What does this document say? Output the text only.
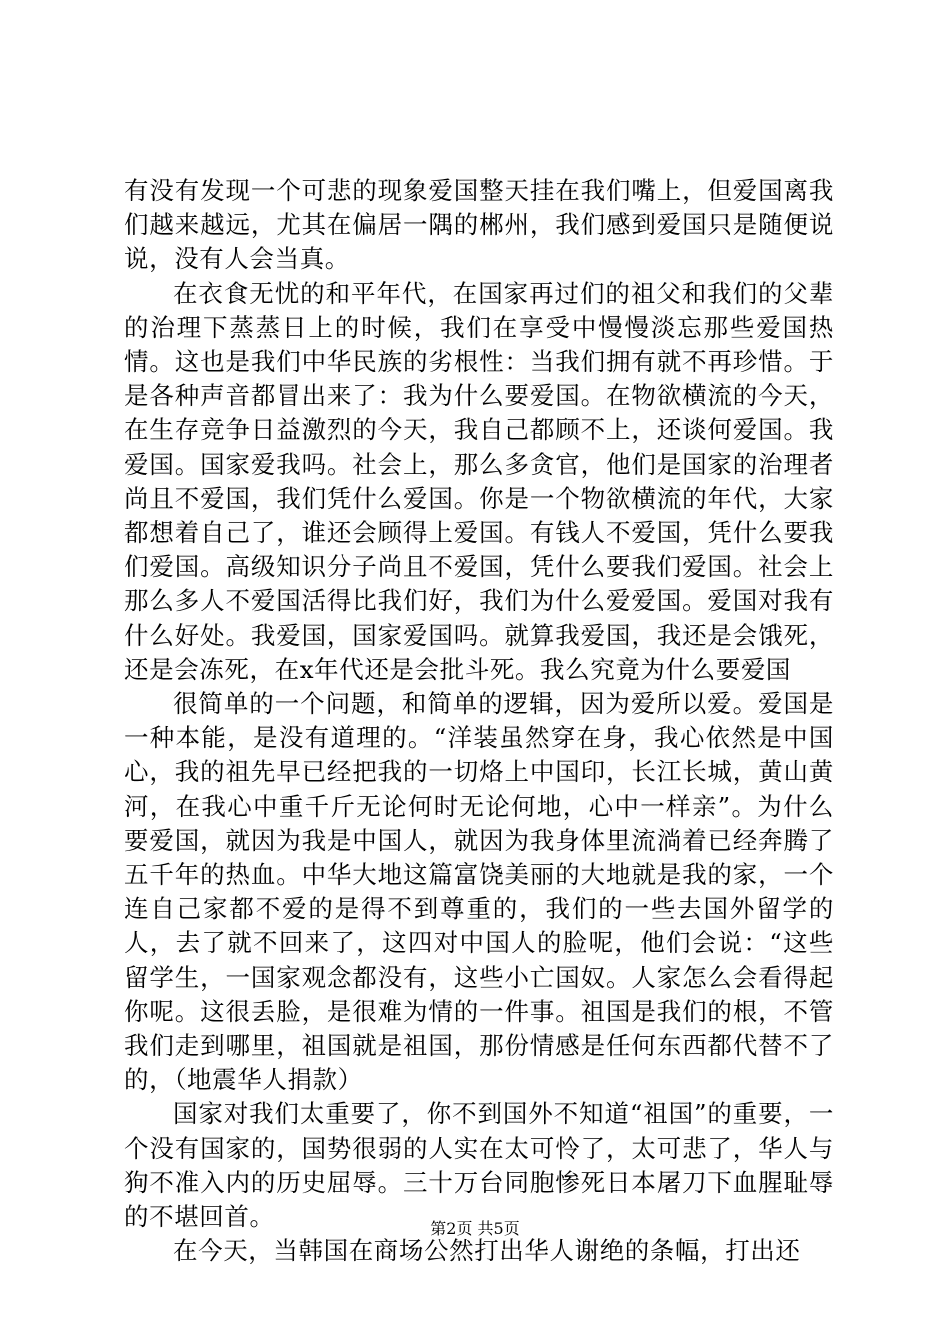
有没有发现一个可悲的现象爱国整天挂在我们嘴上，但爱国离我们越来越远，尤其在偏居一隅的郴州，我们感到爱国只是随便说说，没有人会当真。

在衣食无忧的和平年代，在国家再过们的祖父和我们的父辈的治理下蒸蒸日上的时候，我们在享受中慢慢淡忘那些爱国热情。这也是我们中华民族的劣根性：当我们拥有就不再珍惜。于是各种声音都冒出来了：我为什么要爱国。在物欲横流的今天，在生存竞争日益激烈的今天，我自己都顾不上，还谈何爱国。我爱国。国家爱我吗。社会上，那么多贪官，他们是国家的治理者尚且不爱国，我们凭什么爱国。你是一个物欲横流的年代，大家都想着自己了，谁还会顾得上爱国。有钱人不爱国，凭什么要我们爱国。高级知识分子尚且不爱国，凭什么要我们爱国。社会上那么多人不爱国活得比我们好，我们为什么爱爱国。爱国对我有什么好处。我爱国，国家爱国吗。就算我爱国，我还是会饿死，还是会冻死，在x年代还是会批斗死。我么究竟为什么要爱国

很简单的一个问题，和简单的逻辑，因为爱所以爱。爱国是一种本能，是没有道理的。“洋装虽然穿在身，我心依然是中国心，我的祖先早已经把我的一切烙上中国印，长江长城，黄山黄河，在我心中重千斤无论何时无论何地，心中一样亲”。为什么要爱国，就因为我是中国人，就因为我身体里流淌着已经奔腾了五千年的热血。中华大地这篇富饶美丽的大地就是我的家，一个连自己家都不爱的是得不到尊重的，我们的一些去国外留学的人，去了就不回来了，这四对中国人的脸呢，他们会说：“这些留学生，一国家观念都没有，这些小亡国奴。人家怎么会看得起你呢。这很丢脸，是很难为情的一件事。祖国是我们的根，不管我们走到哪里，祖国就是祖国，那份情感是任何东西都代替不了的，（地震华人捐款）

国家对我们太重要了，你不到国外不知道“祖国”的重要，一个没有国家的，国势很弱的人实在太可怜了，太可悲了，华人与狗不准入内的历史屈辱。三十万台同胞惨死日本屠刀下血腥耻辱的不堪回首。

在今天，当韩国在商场公然打出华人谢绝的条幅，打出还

第2页 共5页
